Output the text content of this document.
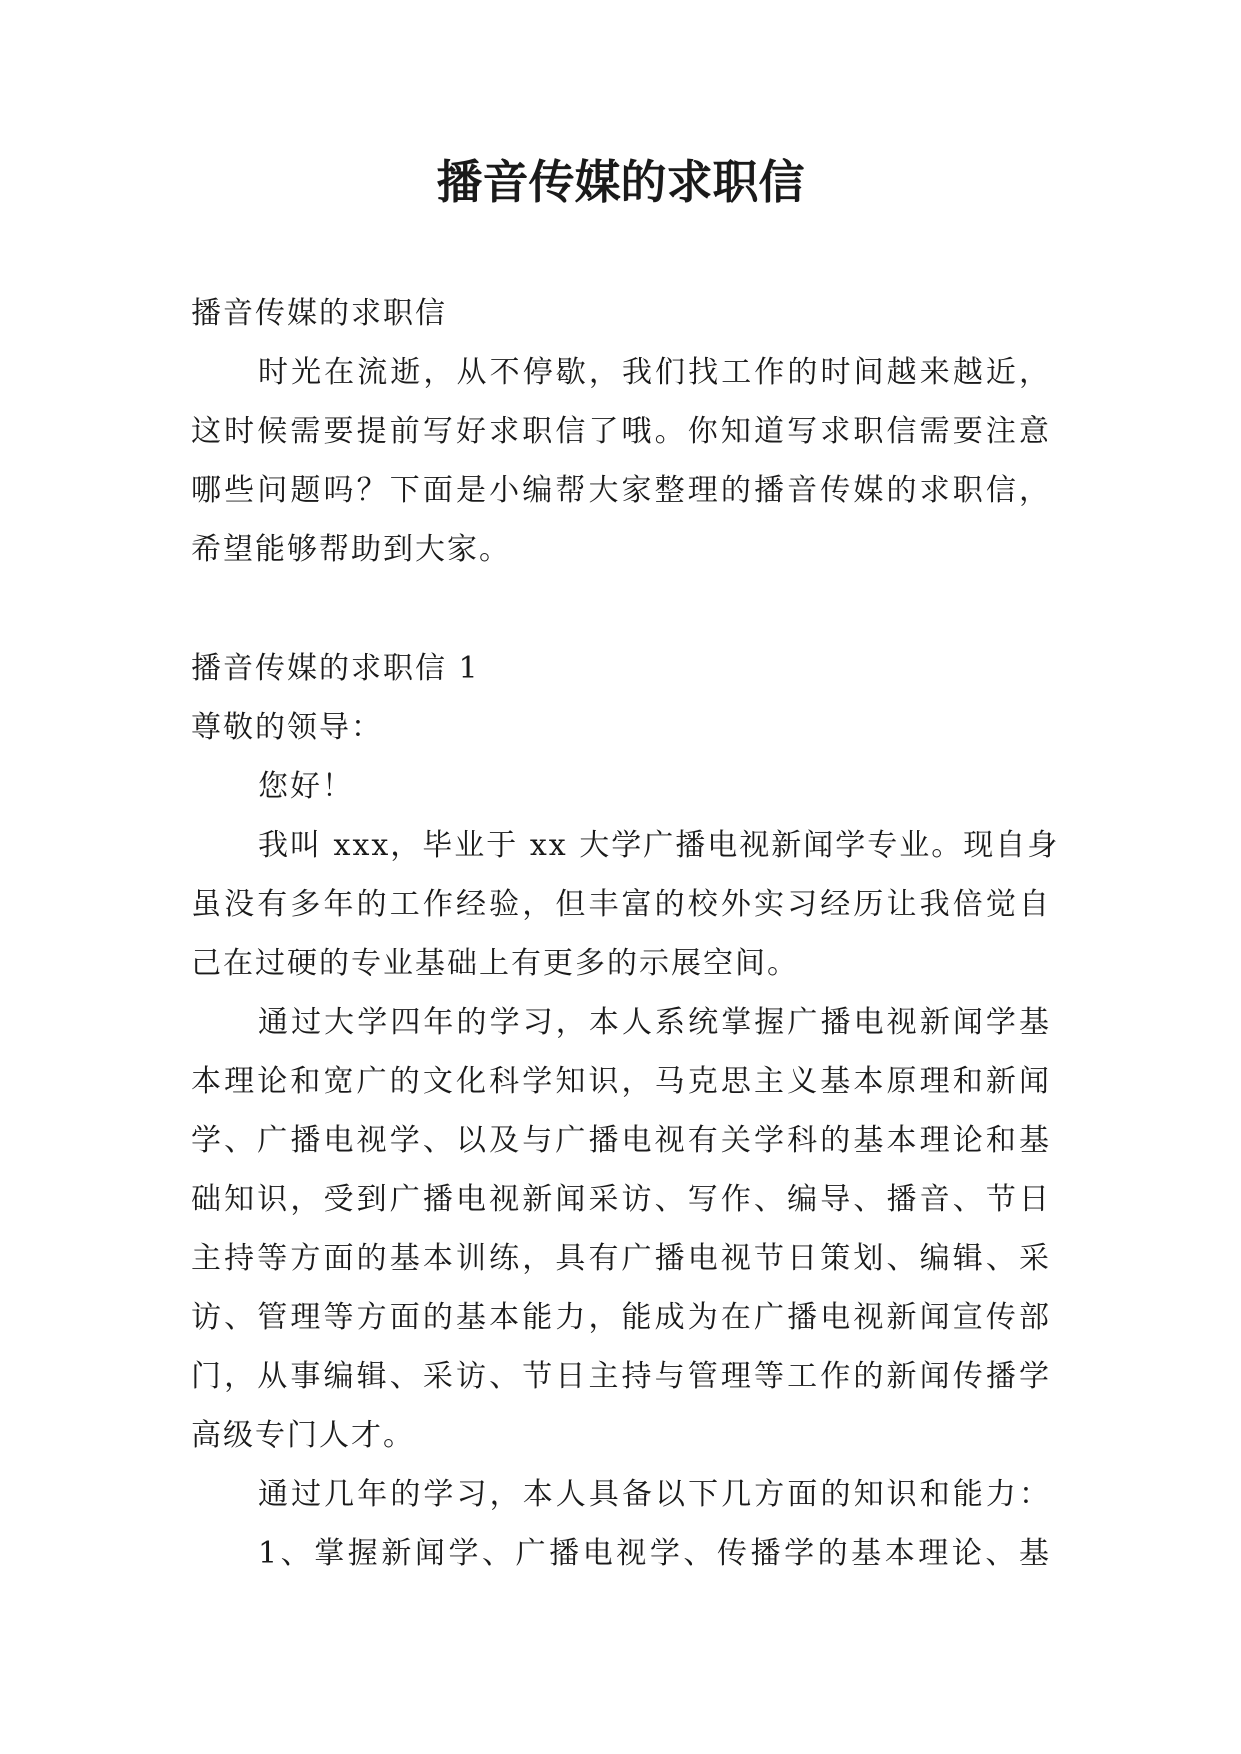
播音传媒的求职信
播音传媒的求职信
时光在流逝，从不停歇，我们找工作的时间越来越近，
这时候需要提前写好求职信了哦。你知道写求职信需要注意
哪些问题吗？下面是小编帮大家整理的播音传媒的求职信，
希望能够帮助到大家。
播音传媒的求职信 1
尊敬的领导：
您好！
我叫 xxx，毕业于 xx 大学广播电视新闻学专业。现自身
虽没有多年的工作经验，但丰富的校外实习经历让我倍觉自
己在过硬的专业基础上有更多的示展空间。
通过大学四年的学习，本人系统掌握广播电视新闻学基
本理论和宽广的文化科学知识，马克思主义基本原理和新闻
学、广播电视学、以及与广播电视有关学科的基本理论和基
础知识，受到广播电视新闻采访、写作、编导、播音、节日
主持等方面的基本训练，具有广播电视节日策划、编辑、采
访、管理等方面的基本能力，能成为在广播电视新闻宣传部
门，从事编辑、采访、节日主持与管理等工作的新闻传播学
高级专门人才。
通过几年的学习，本人具备以下几方面的知识和能力：
1、掌握新闻学、广播电视学、传播学的基本理论、基
